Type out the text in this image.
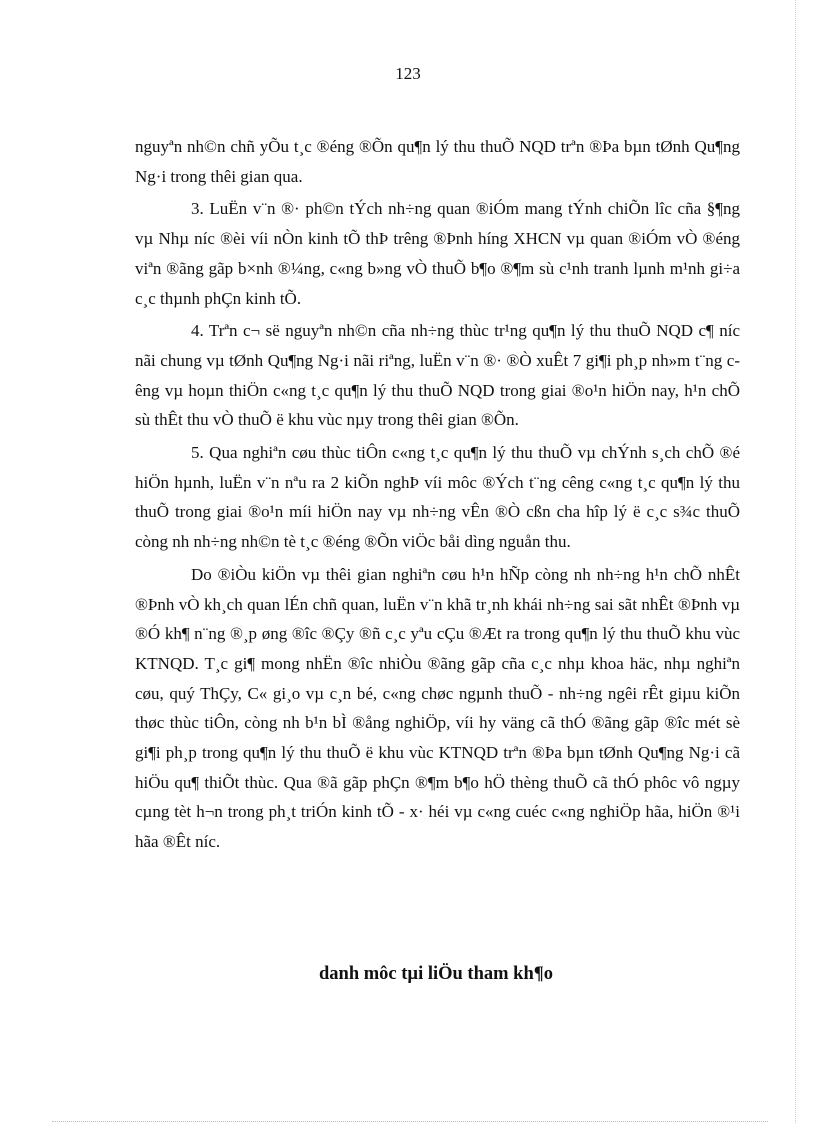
123

nguyªn nh©n chñ yÕu t¸c ®éng ®Õn qu¶n lý thu thuÕ NQD trªn ®Þa bµn tØnh Qu¶ng Ng·i trong thêi gian qua.

3. LuËn v¨n ®· ph©n tÝch nh÷ng quan ®iÓm mang tÝnh chiÕn lîc cña §¶ng vµ Nhµ níc ®èi víi nÒn kinh tÕ thÞ trêng ®Þnh híng XHCN vµ quan ®iÓm vÒ ®éng viªn ®ãng gãp b×nh ®¼ng, c«ng b»ng vÒ thuÕ b¶o ®¶m sù c¹nh tranh lµnh m¹nh gi÷a c¸c thµnh phÇn kinh tÕ.

4. Trªn c¬ së nguyªn nh©n cña nh÷ng thùc tr¹ng qu¶n lý thu thuÕ NQD c¶ níc nãi chung vµ tØnh Qu¶ng Ng·i nãi riªng, luËn v¨n ®· ®Ò xuÊt 7 gi¶i ph¸p nh»m t¨ng cêng vµ hoµn thiÖn c«ng t¸c qu¶n lý thu thuÕ NQD trong giai ®o¹n hiÖn nay, h¹n chÕ sù thÊt thu vÒ thuÕ ë khu vùc nµy trong thêi gian ®Õn.

5. Qua nghiªn cøu thùc tiÔn c«ng t¸c qu¶n lý thu thuÕ vµ chÝnh s¸ch chÕ ®é hiÖn hµnh, luËn v¨n nªu ra 2 kiÕn nghÞ víi môc ®Ých t¨ng cêng c«ng t¸c qu¶n lý thu thuÕ trong giai ®o¹n míi hiÖn nay vµ nh÷ng vÊn ®Ò cßn cha hîp lý ë c¸c s¾c thuÕ còng nh nh÷ng nh©n tè t¸c ®éng ®Õn viÖc båi dìng nguån thu.

Do ®iÒu kiÖn vµ thêi gian nghiªn cøu h¹n hÑp còng nh nh÷ng h¹n chÕ nhÊt ®Þnh vÒ kh¸ch quan lÉn chñ quan, luËn v¨n khã tr¸nh khái nh÷ng sai sãt nhÊt ®Þnh vµ ®Ó kh¶ n¨ng ®¸p øng ®îc ®Çy ®ñ c¸c yªu cÇu ®Æt ra trong qu¶n lý thu thuÕ khu vùc KTNQD. T¸c gi¶ mong nhËn ®îc nhiÒu ®ãng gãp cña c¸c nhµ khoa häc, nhµ nghiªn cøu, quý ThÇy, C« gi¸o vµ c¸n bé, c«ng chøc ngµnh thuÕ - nh÷ng ngêi rÊt giµu kiÕn thøc thùc tiÔn, còng nh b¹n bÌ ®ång nghiÖp, víi hy väng cã thÓ ®ãng gãp ®îc mét sè gi¶i ph¸p trong qu¶n lý thu thuÕ ë khu vùc KTNQD trªn ®Þa bµn tØnh Qu¶ng Ng·i cã hiÖu qu¶ thiÕt thùc. Qua ®ã gãp phÇn ®¶m b¶o hÖ thèng thuÕ cã thÓ phôc vô ngµy cµng tèt h¬n trong ph¸t triÓn kinh tÕ - x· héi vµ c«ng cuéc c«ng nghiÖp hãa, hiÖn ®¹i hãa ®Êt níc.

danh môc tµi liÖu tham kh¶o
